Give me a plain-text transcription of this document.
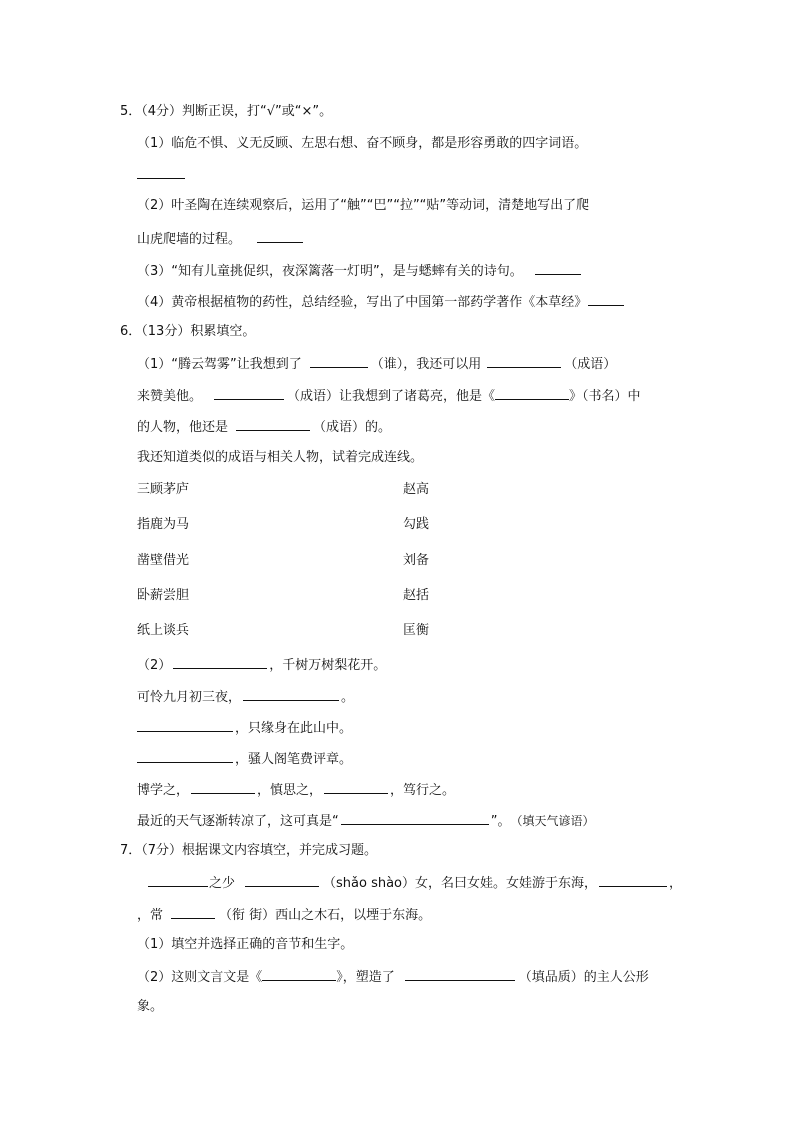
5．（4分）判断正误，打“√”或“×”。
（1）临危不惧、义无反顾、左思右想、奋不顾身，都是形容勇敢的四字词语。
（2）叶圣陶在连续观察后，运用了“触”“巴”“拉”“贴”等动词，清楚地写出了爬
山虎爬墙的过程。
（3）“知有儿童挑促织，夜深篱落一灯明”，是与蟋蟀有关的诗句。
（4）黄帝根据植物的药性，总结经验，写出了中国第一部药学著作《本草经》
6．（13分）积累填空。
（1）“腾云驾雾”让我想到了	（谁），我还可以用	（成语）
来赞美他。	（成语）让我想到了诸葛亮，他是《	》（书名）中
的人物，他还是	（成语）的。
我还知道类似的成语与相关人物，试着完成连线。
三顾茅庐	赵高
指鹿为马	勾践
凿壁借光	刘备
卧薪尝胆	赵括
纸上谈兵	匡衡
（2）	，千树万树梨花开。
可怜九月初三夜，	。
，只缘身在此山中。
，骚人阁笔费评章。
博学之，	，慎思之，	，笃行之。
最近的天气逐渐转凉了，这可真是“	”。 （填天气谚语）
7．（7分）根据课文内容填空，并完成习题。
之少	（shǎo shào）女，名曰女娃。女娃游于东海，	，
，常	（衔 街）西山之木石，以堙于东海。
（1）填空并选择正确的音节和生字。
（2）这则文言文是《	》，塑造了	（填品质）的主人公形
象。
